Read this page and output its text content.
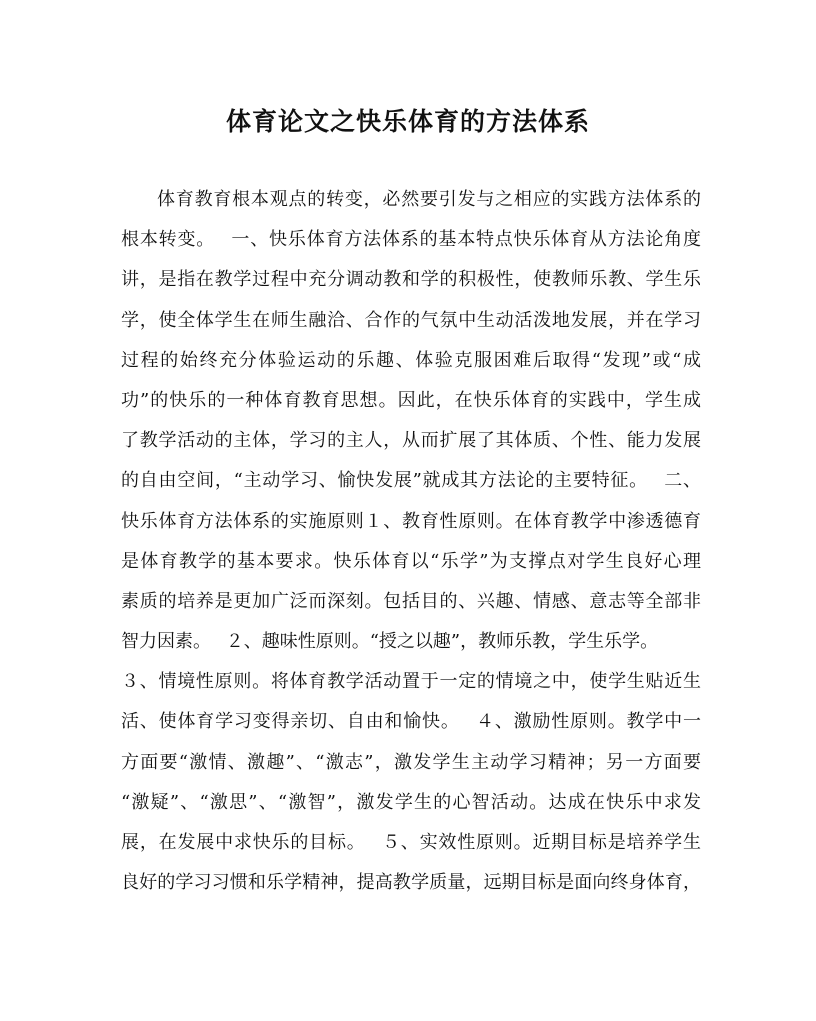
体育论文之快乐体育的方法体系
体育教育根本观点的转变，必然要引发与之相应的实践方法体系的
根本转变。　 一、快乐体育方法体系的基本特点快乐体育从方法论角度
讲，是指在教学过程中充分调动教和学的积极性，使教师乐教、学生乐
学，使全体学生在师生融洽、合作的气氛中生动活泼地发展，并在学习
过程的始终充分体验运动的乐趣、体验克服困难后取得“发现”或“成
功”的快乐的一种体育教育思想。因此，在快乐体育的实践中，学生成
了教学活动的主体，学习的主人，从而扩展了其体质、个性、能力发展
的自由空间，“主动学习、愉快发展”就成其方法论的主要特征。　 二、
快乐体育方法体系的实施原则１、教育性原则。在体育教学中渗透德育
是体育教学的基本要求。快乐体育以“乐学”为支撑点对学生良好心理
素质的培养是更加广泛而深刻。包括目的、兴趣、情感、意志等全部非
智力因素。　 ２、趣味性原则。“授之以趣”，教师乐教，学生乐学。
３、情境性原则。将体育教学活动置于一定的情境之中，使学生贴近生
活、使体育学习变得亲切、自由和愉快。　 ４、激励性原则。教学中一
方面要“激情、激趣”、“激志”，激发学生主动学习精神；另一方面要
“激疑”、“激思”、“激智”，激发学生的心智活动。达成在快乐中求发
展，在发展中求快乐的目标。　 ５、实效性原则。近期目标是培养学生
良好的学习习惯和乐学精神，提高教学质量，远期目标是面向终身体育，
